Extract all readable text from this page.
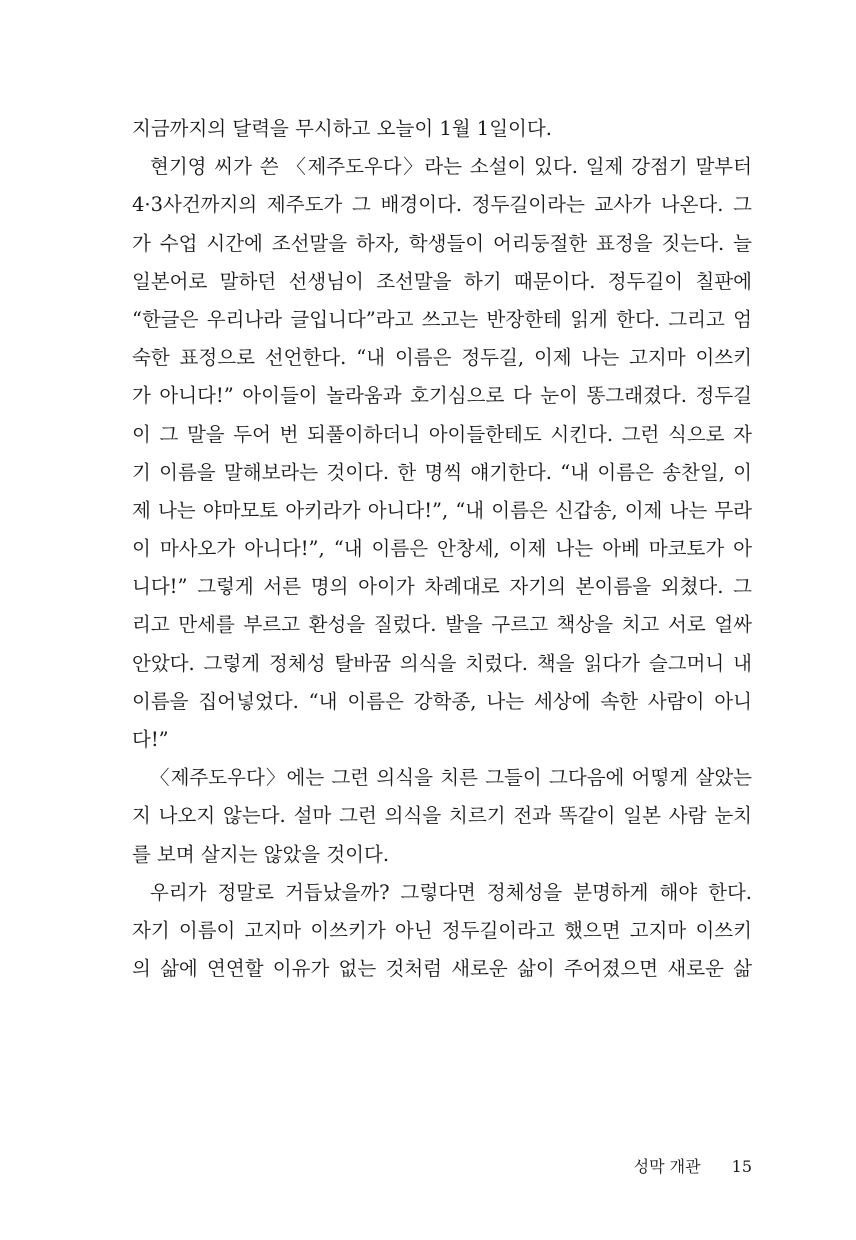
지금까지의 달력을 무시하고 오늘이 1월 1일이다.
현기영 씨가 쓴 〈제주도우다〉라는 소설이 있다. 일제 강점기 말부터
4·3사건까지의 제주도가 그 배경이다. 정두길이라는 교사가 나온다. 그
가 수업 시간에 조선말을 하자, 학생들이 어리둥절한 표정을 짓는다. 늘
일본어로 말하던 선생님이 조선말을 하기 때문이다. 정두길이 칠판에
“한글은 우리나라 글입니다”라고 쓰고는 반장한테 읽게 한다. 그리고 엄
숙한 표정으로 선언한다. “내 이름은 정두길, 이제 나는 고지마 이쓰키
가 아니다!” 아이들이 놀라움과 호기심으로 다 눈이 똥그래졌다. 정두길
이 그 말을 두어 번 되풀이하더니 아이들한테도 시킨다. 그런 식으로 자
기 이름을 말해보라는 것이다. 한 명씩 얘기한다. “내 이름은 송찬일, 이
제 나는 야마모토 아키라가 아니다!”, “내 이름은 신갑송, 이제 나는 무라
이 마사오가 아니다!”, “내 이름은 안창세, 이제 나는 아베 마코토가 아
니다!” 그렇게 서른 명의 아이가 차례대로 자기의 본이름을 외쳤다. 그
리고 만세를 부르고 환성을 질렀다. 발을 구르고 책상을 치고 서로 얼싸
안았다. 그렇게 정체성 탈바꿈 의식을 치렀다. 책을 읽다가 슬그머니 내
이름을 집어넣었다. “내 이름은 강학종, 나는 세상에 속한 사람이 아니
다!”
〈제주도우다〉에는 그런 의식을 치른 그들이 그다음에 어떻게 살았는
지 나오지 않는다. 설마 그런 의식을 치르기 전과 똑같이 일본 사람 눈치
를 보며 살지는 않았을 것이다.
우리가 정말로 거듭났을까? 그렇다면 정체성을 분명하게 해야 한다.
자기 이름이 고지마 이쓰키가 아닌 정두길이라고 했으면 고지마 이쓰키
의 삶에 연연할 이유가 없는 것처럼 새로운 삶이 주어졌으면 새로운 삶
성막 개관 15
